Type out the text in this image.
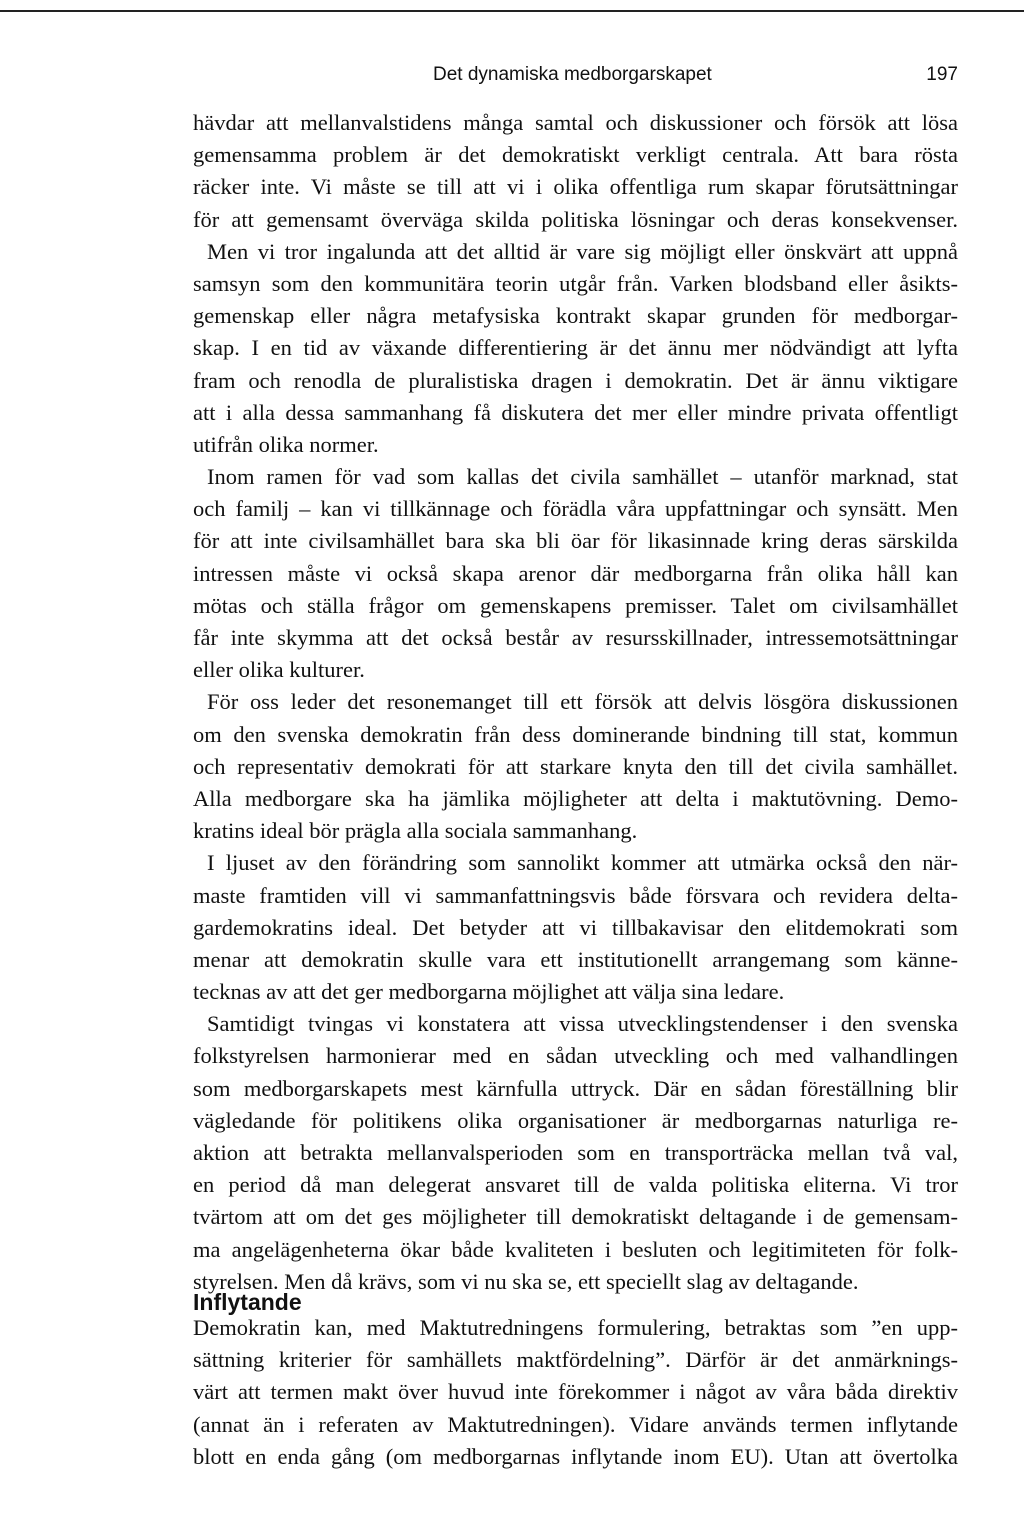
Det dynamiska medborgarskapet	197
hävdar att mellanvalstidens många samtal och diskussioner och försök att lösa
gemensamma problem är det demokratiskt verkligt centrala. Att bara rösta
räcker inte. Vi måste se till att vi i olika offentliga rum skapar förutsättningar
för att gemensamt överväga skilda politiska lösningar och deras konsekvenser.
Men vi tror ingalunda att det alltid är vare sig möjligt eller önskvärt att uppnå
samsyn som den kommunitära teorin utgår från. Varken blodsband eller åsikts-
gemenskap eller några metafysiska kontrakt skapar grunden för medborgar-
skap. I en tid av växande differentiering är det ännu mer nödvändigt att lyfta
fram och renodla de pluralistiska dragen i demokratin. Det är ännu viktigare
att i alla dessa sammanhang få diskutera det mer eller mindre privata offentligt
utifrån olika normer.
Inom ramen för vad som kallas det civila samhället – utanför marknad, stat
och familj – kan vi tillkännage och förädla våra uppfattningar och synsätt. Men
för att inte civilsamhället bara ska bli öar för likasinnade kring deras särskilda
intressen måste vi också skapa arenor där medborgarna från olika håll kan
mötas och ställa frågor om gemenskapens premisser. Talet om civilsamhället
får inte skymma att det också består av resursskillnader, intressemotsättningar
eller olika kulturer.
För oss leder det resonemanget till ett försök att delvis lösgöra diskussionen
om den svenska demokratin från dess dominerande bindning till stat, kommun
och representativ demokrati för att starkare knyta den till det civila samhället.
Alla medborgare ska ha jämlika möjligheter att delta i maktutövning. Demo-
kratins ideal bör prägla alla sociala sammanhang.
I ljuset av den förändring som sannolikt kommer att utmärka också den när-
maste framtiden vill vi sammanfattningsvis både försvara och revidera delta-
gardemokratins ideal. Det betyder att vi tillbakavisar den elitdemokrati som
menar att demokratin skulle vara ett institutionellt arrangemang som känne-
tecknas av att det ger medborgarna möjlighet att välja sina ledare.
Samtidigt tvingas vi konstatera att vissa utvecklingstendenser i den svenska
folkstyrelsen harmonierar med en sådan utveckling och med valhandlingen
som medborgarskapets mest kärnfulla uttryck. Där en sådan föreställning blir
vägledande för politikens olika organisationer är medborgarnas naturliga re-
aktion att betrakta mellanvalsperioden som en transporträcka mellan två val,
en period då man delegerat ansvaret till de valda politiska eliterna. Vi tror
tvärtom att om det ges möjligheter till demokratiskt deltagande i de gemensam-
ma angelägenheterna ökar både kvaliteten i besluten och legitimiteten för folk-
styrelsen. Men då krävs, som vi nu ska se, ett speciellt slag av deltagande.
Inflytande
Demokratin kan, med Maktutredningens formulering, betraktas som ”en upp-
sättning kriterier för samhällets maktfördelning”. Därför är det anmärknings-
värt att termen makt över huvud inte förekommer i något av våra båda direktiv
(annat än i referaten av Maktutredningen). Vidare används termen inflytande
blott en enda gång (om medborgarnas inflytande inom EU). Utan att övertolka
